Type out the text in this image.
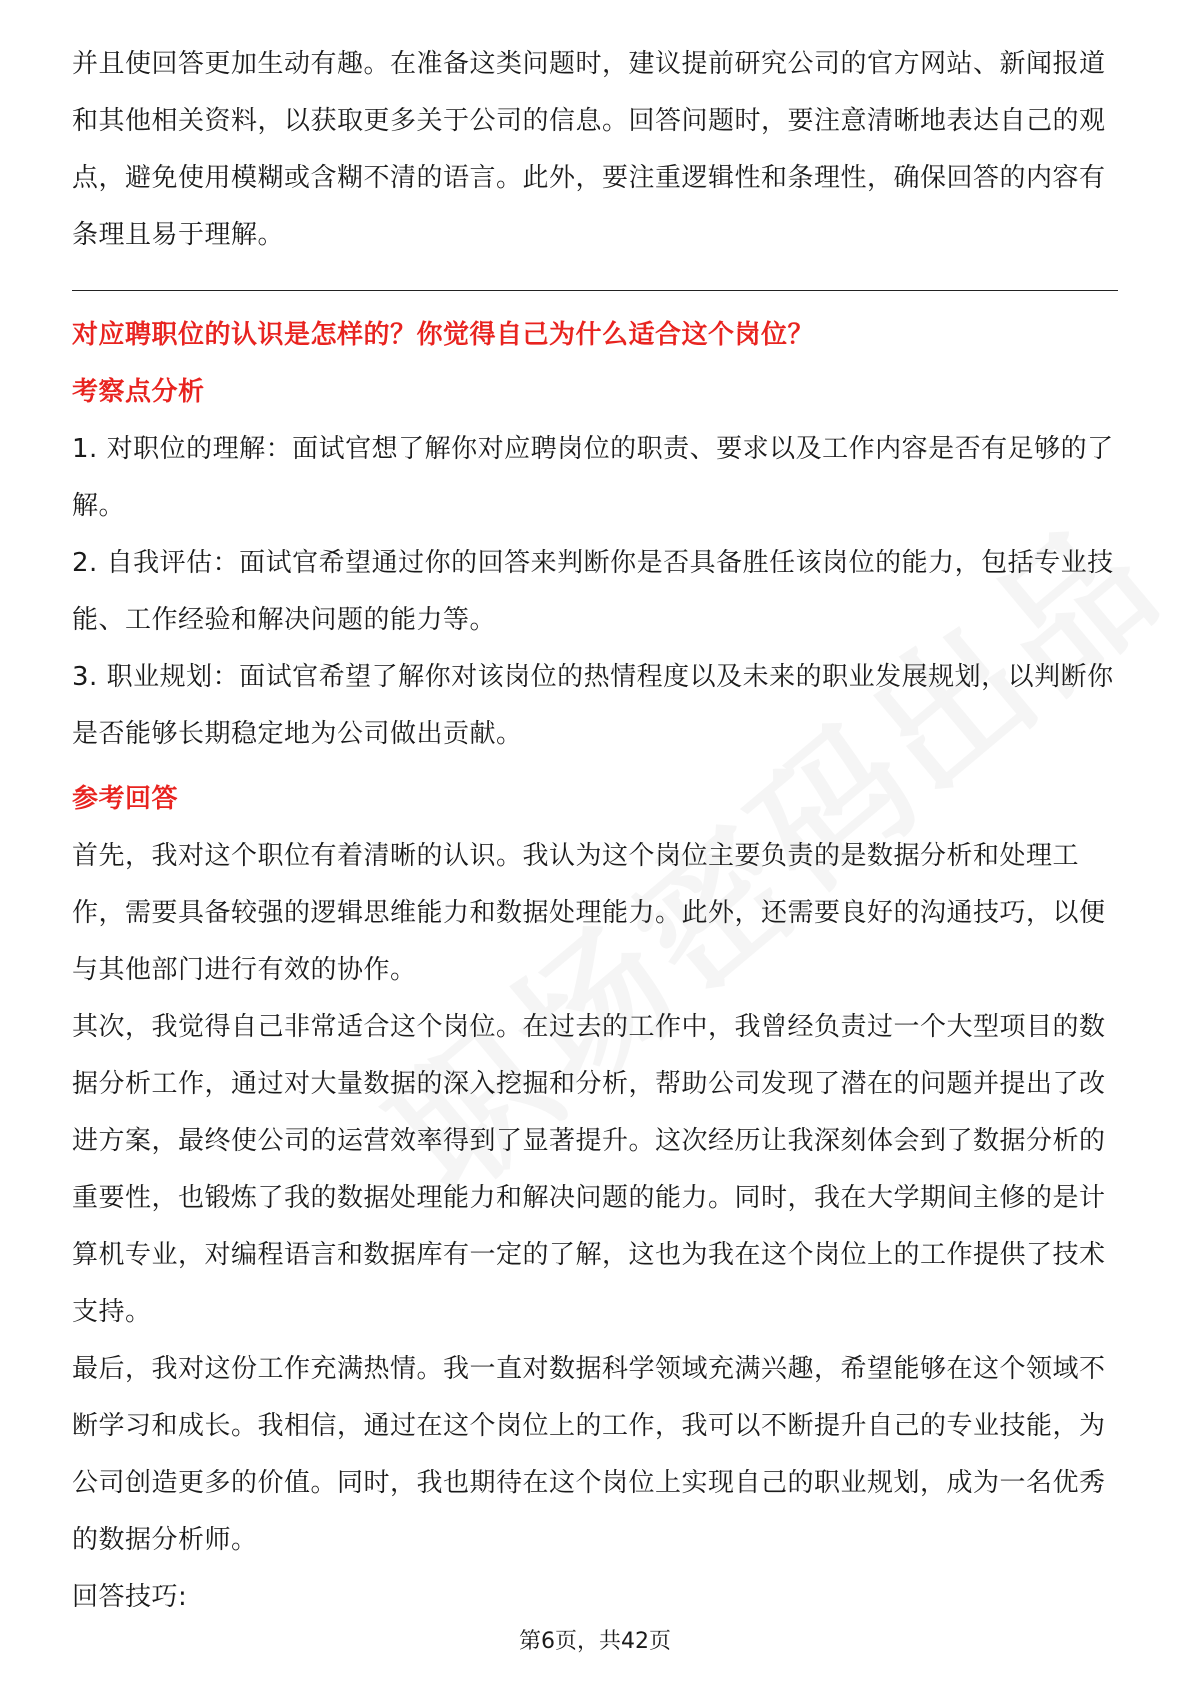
并且使回答更加生动有趣。在准备这类问题时，建议提前研究公司的官方网站、新闻报道和其他相关资料，以获取更多关于公司的信息。回答问题时，要注意清晰地表达自己的观点，避免使用模糊或含糊不清的语言。此外，要注重逻辑性和条理性，确保回答的内容有条理且易于理解。

对应聘职位的认识是怎样的？你觉得自己为什么适合这个岗位？

考察点分析

1. 对职位的理解：面试官想了解你对应聘岗位的职责、要求以及工作内容是否有足够的了解。

2. 自我评估：面试官希望通过你的回答来判断你是否具备胜任该岗位的能力，包括专业技能、工作经验和解决问题的能力等。

3. 职业规划：面试官希望了解你对该岗位的热情程度以及未来的职业发展规划，以判断你是否能够长期稳定地为公司做出贡献。

参考回答

首先，我对这个职位有着清晰的认识。我认为这个岗位主要负责的是数据分析和处理工作，需要具备较强的逻辑思维能力和数据处理能力。此外，还需要良好的沟通技巧，以便与其他部门进行有效的协作。

其次，我觉得自己非常适合这个岗位。在过去的工作中，我曾经负责过一个大型项目的数据分析工作，通过对大量数据的深入挖掘和分析，帮助公司发现了潜在的问题并提出了改进方案，最终使公司的运营效率得到了显著提升。这次经历让我深刻体会到了数据分析的重要性，也锻炼了我的数据处理能力和解决问题的能力。同时，我在大学期间主修的是计算机专业，对编程语言和数据库有一定的了解，这也为我在这个岗位上的工作提供了技术支持。

最后，我对这份工作充满热情。我一直对数据科学领域充满兴趣，希望能够在这个领域不断学习和成长。我相信，通过在这个岗位上的工作，我可以不断提升自己的专业技能，为公司创造更多的价值。同时，我也期待在这个岗位上实现自己的职业规划，成为一名优秀的数据分析师。

回答技巧:

第6页，共42页
